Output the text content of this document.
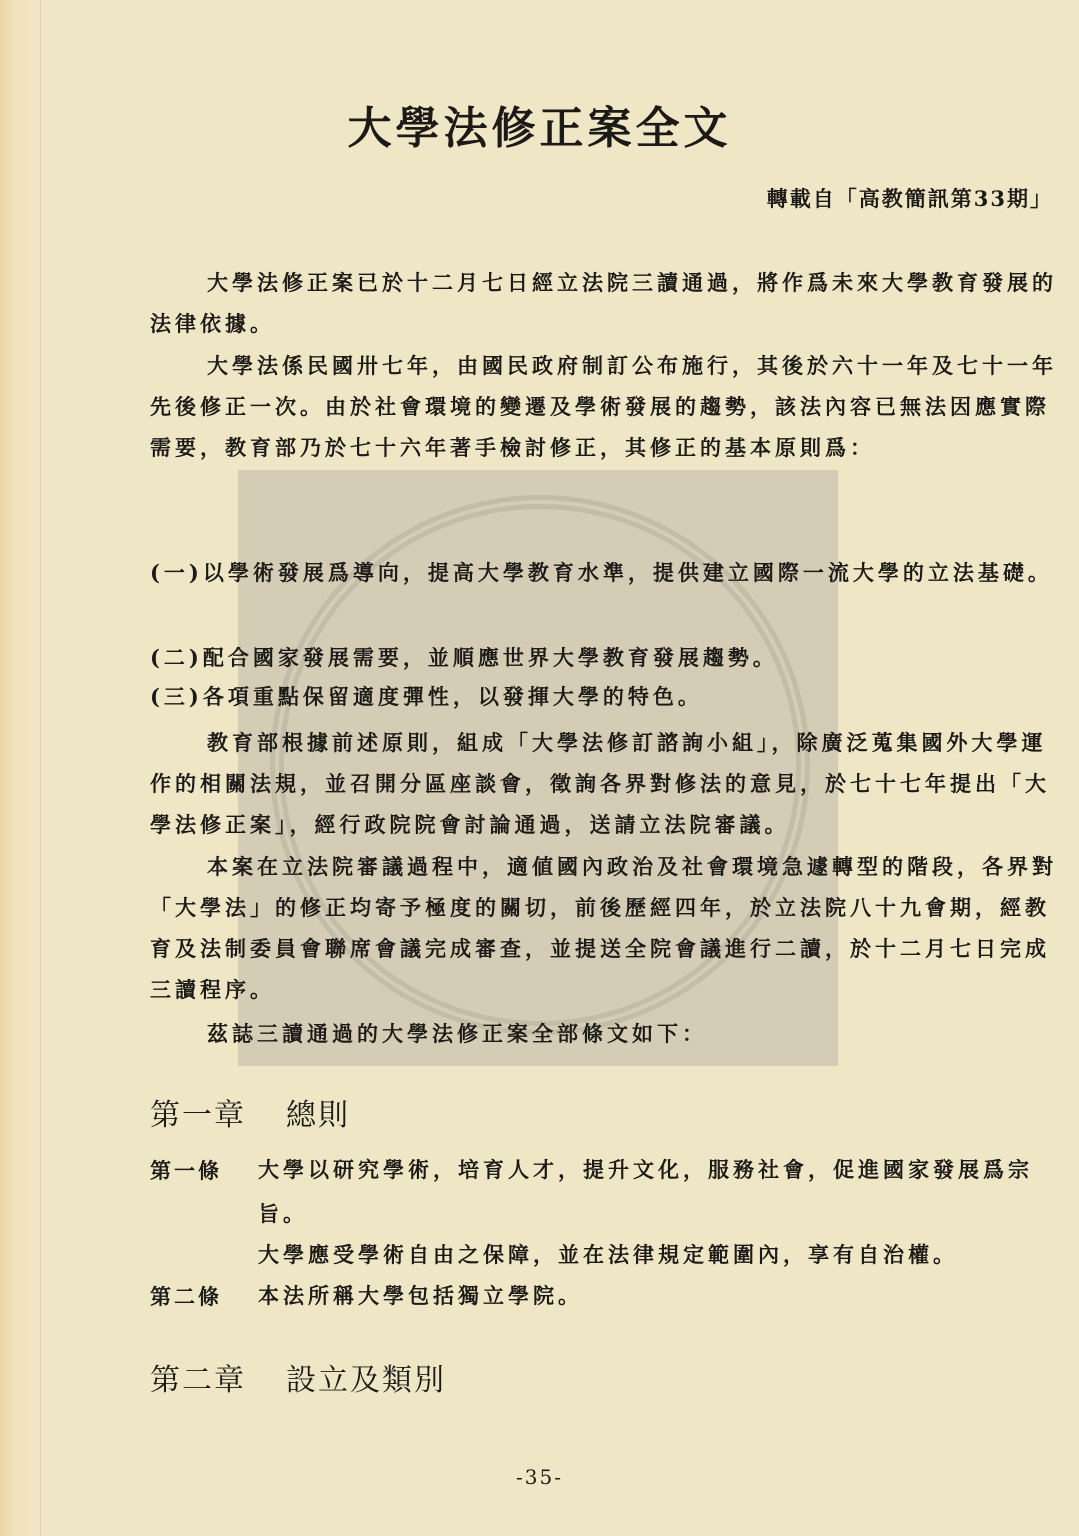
大學法修正案全文
轉載自「高教簡訊第33期」
大學法修正案已於十二月七日經立法院三讀通過，將作爲未來大學教育發展的法律依據。
大學法係民國卅七年，由國民政府制訂公布施行，其後於六十一年及七十一年先後修正一次。由於社會環境的變遷及學術發展的趨勢，該法內容已無法因應實際需要，教育部乃於七十六年著手檢討修正，其修正的基本原則爲：
(一)以學術發展爲導向，提高大學教育水準，提供建立國際一流大學的立法基礎。
(二)配合國家發展需要，並順應世界大學教育發展趨勢。
(三)各項重點保留適度彈性，以發揮大學的特色。
教育部根據前述原則，組成「大學法修訂諮詢小組」，除廣泛蒐集國外大學運作的相關法規，並召開分區座談會，徵詢各界對修法的意見，於七十七年提出「大學法修正案」，經行政院院會討論通過，送請立法院審議。
本案在立法院審議過程中，適値國內政治及社會環境急遽轉型的階段，各界對「大學法」的修正均寄予極度的關切，前後歷經四年，於立法院八十九會期，經教育及法制委員會聯席會議完成審查，並提送全院會議進行二讀，於十二月七日完成三讀程序。
茲誌三讀通過的大學法修正案全部條文如下：
第一章 總則
第一條 大學以研究學術，培育人才，提升文化，服務社會，促進國家發展爲宗旨。
大學應受學術自由之保障，並在法律規定範圍內，享有自治權。
第二條 本法所稱大學包括獨立學院。
第二章 設立及類別
-35-
